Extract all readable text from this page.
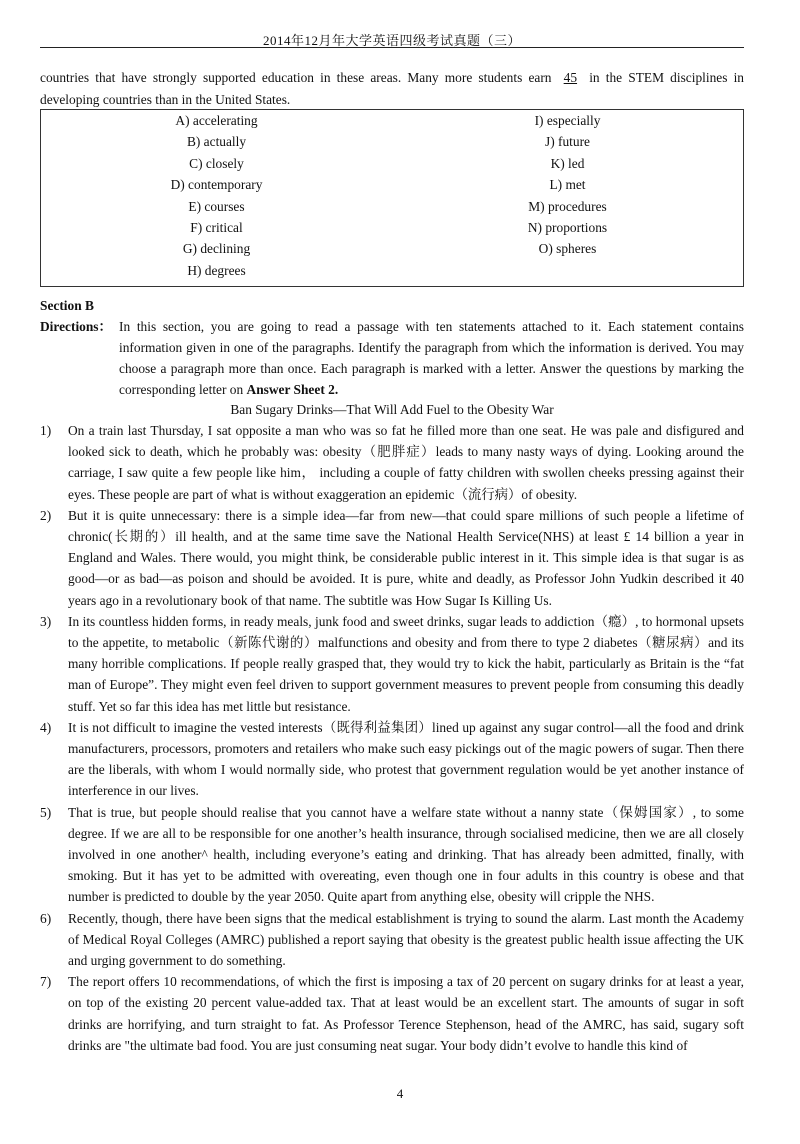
2014年12月年大学英语四级考试真题（三）
countries that have strongly supported education in these areas. Many more students earn 45 in the STEM disciplines in developing countries than in the United States.
A) accelerating
B) actually
C) closely
D) contemporary
E) courses
F) critical
G) declining
H) degrees
I) especially
J) future
K) led
L) met
M) procedures
N) proportions
O) spheres
Section B
Directions： In this section, you are going to read a passage with ten statements attached to it. Each statement contains information given in one of the paragraphs. Identify the paragraph from which the information is derived. You may choose a paragraph more than once. Each paragraph is marked with a letter. Answer the questions by marking the corresponding letter on Answer Sheet 2.
Ban Sugary Drinks—That Will Add Fuel to the Obesity War
1) On a train last Thursday, I sat opposite a man who was so fat he filled more than one seat. He was pale and disfigured and looked sick to death, which he probably was: obesity（肥胖症）leads to many nasty ways of dying. Looking around the carriage, I saw quite a few people like him， including a couple of fatty children with swollen cheeks pressing against their eyes. These people are part of what is without exaggeration an epidemic（流行病）of obesity.
2) But it is quite unnecessary: there is a simple idea—far from new—that could spare millions of such people a lifetime of chronic(长期的）ill health, and at the same time save the National Health Service(NHS) at least £ 14 billion a year in England and Wales. There would, you might think, be considerable public interest in it. This simple idea is that sugar is as good—or as bad—as poison and should be avoided. It is pure, white and deadly, as Professor John Yudkin described it 40 years ago in a revolutionary book of that name. The subtitle was How Sugar Is Killing Us.
3) In its countless hidden forms, in ready meals, junk food and sweet drinks, sugar leads to addiction（瘾）, to hormonal upsets to the appetite, to metabolic（新陈代谢的）malfunctions and obesity and from there to type 2 diabetes（糖尿病）and its many horrible complications. If people really grasped that, they would try to kick the habit, particularly as Britain is the “fat man of Europe”. They might even feel driven to support government measures to prevent people from consuming this deadly stuff. Yet so far this idea has met little but resistance.
4) It is not difficult to imagine the vested interests（既得利益集团）lined up against any sugar control—all the food and drink manufacturers, processors, promoters and retailers who make such easy pickings out of the magic powers of sugar. Then there are the liberals, with whom I would normally side, who protest that government regulation would be yet another instance of interference in our lives.
5) That is true, but people should realise that you cannot have a welfare state without a nanny state（保姆国家）, to some degree. If we are all to be responsible for one another’s health insurance, through socialised medicine, then we are all closely involved in one another^ health, including everyone’s eating and drinking. That has already been admitted, finally, with smoking. But it has yet to be admitted with overeating, even though one in four adults in this country is obese and that number is predicted to double by the year 2050. Quite apart from anything else, obesity will cripple the NHS.
6) Recently, though, there have been signs that the medical establishment is trying to sound the alarm. Last month the Academy of Medical Royal Colleges (AMRC) published a report saying that obesity is the greatest public health issue affecting the UK and urging government to do something.
7) The report offers 10 recommendations, of which the first is imposing a tax of 20 percent on sugary drinks for at least a year, on top of the existing 20 percent value-added tax. That at least would be an excellent start. The amounts of sugar in soft drinks are horrifying, and turn straight to fat. As Professor Terence Stephenson, head of the AMRC, has said, sugary soft drinks are "the ultimate bad food. You are just consuming neat sugar. Your body didn’t evolve to handle this kind of
4
